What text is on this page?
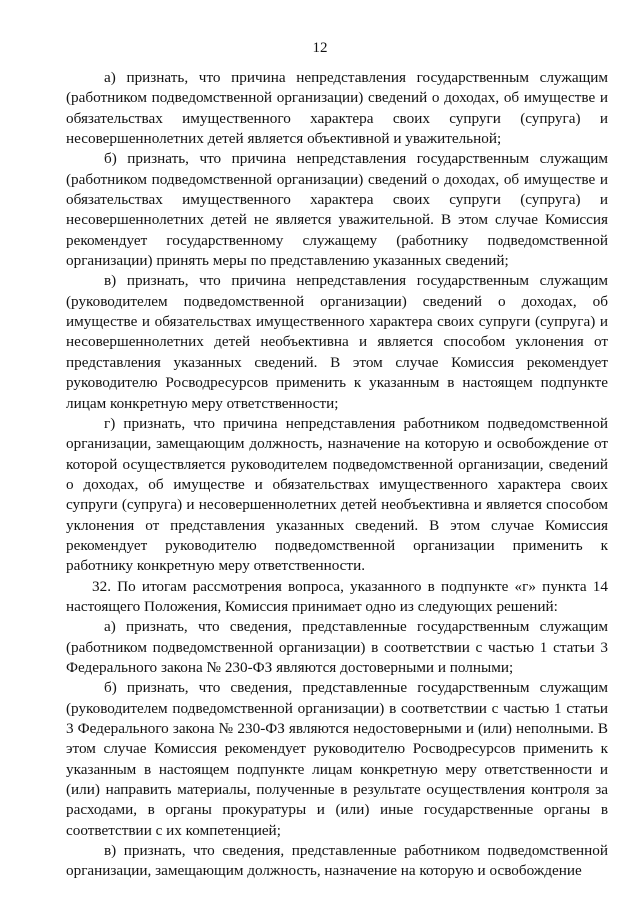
12

а) признать, что причина непредставления государственным служащим (работником подведомственной организации) сведений о доходах, об имуществе и обязательствах имущественного характера своих супруги (супруга) и несовершеннолетних детей является объективной и уважительной;

б) признать, что причина непредставления государственным служащим (работником подведомственной организации) сведений о доходах, об имуществе и обязательствах имущественного характера своих супруги (супруга) и несовершеннолетних детей не является уважительной. В этом случае Комиссия рекомендует государственному служащему (работнику подведомственной организации) принять меры по представлению указанных сведений;

в) признать, что причина непредставления государственным служащим (руководителем подведомственной организации) сведений о доходах, об имуществе и обязательствах имущественного характера своих супруги (супруга) и несовершеннолетних детей необъективна и является способом уклонения от представления указанных сведений. В этом случае Комиссия рекомендует руководителю Росводресурсов применить к указанным в настоящем подпункте лицам конкретную меру ответственности;

г) признать, что причина непредставления работником подведомственной организации, замещающим должность, назначение на которую и освобождение от которой осуществляется руководителем подведомственной организации, сведений о доходах, об имуществе и обязательствах имущественного характера своих супруги (супруга) и несовершеннолетних детей необъективна и является способом уклонения от представления указанных сведений. В этом случае Комиссия рекомендует руководителю подведомственной организации применить к работнику конкретную меру ответственности.

32. По итогам рассмотрения вопроса, указанного в подпункте «г» пункта 14 настоящего Положения, Комиссия принимает одно из следующих решений:

а) признать, что сведения, представленные государственным служащим (работником подведомственной организации) в соответствии с частью 1 статьи 3 Федерального закона № 230-ФЗ являются достоверными и полными;

б) признать, что сведения, представленные государственным служащим (руководителем подведомственной организации) в соответствии с частью 1 статьи 3 Федерального закона № 230-ФЗ являются недостоверными и (или) неполными. В этом случае Комиссия рекомендует руководителю Росводресурсов применить к указанным в настоящем подпункте лицам конкретную меру ответственности и (или) направить материалы, полученные в результате осуществления контроля за расходами, в органы прокуратуры и (или) иные государственные органы в соответствии с их компетенцией;

в) признать, что сведения, представленные работником подведомственной организации, замещающим должность, назначение на которую и освобождение
